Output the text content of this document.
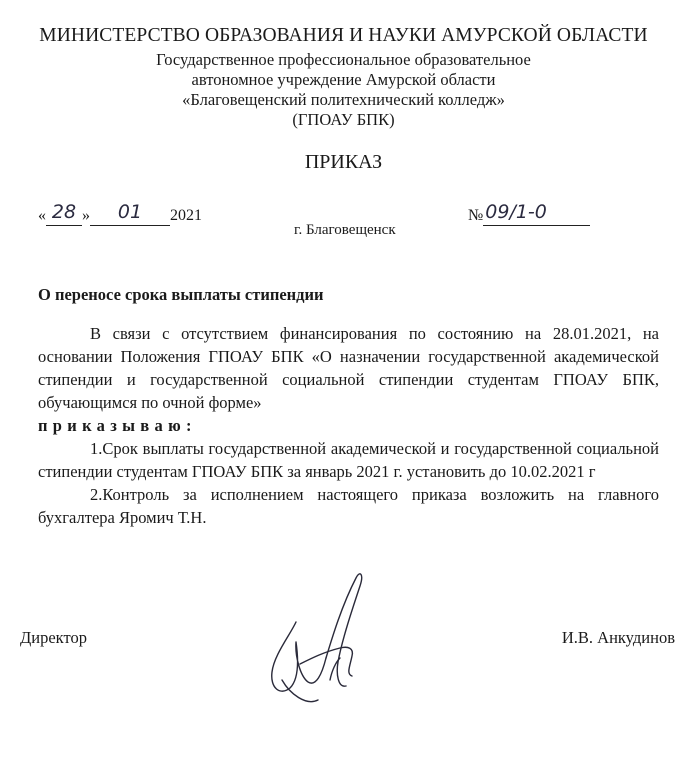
МИНИСТЕРСТВО ОБРАЗОВАНИЯ И НАУКИ АМУРСКОЙ ОБЛАСТИ
Государственное профессиональное образовательное
автономное учреждение Амурской области
«Благовещенский политехнический колледж»
(ГПОАУ БПК)
ПРИКАЗ
« 28 » 01 2021	№ 09/1-0
г. Благовещенск
О переносе срока выплаты стипендии

В связи с отсутствием финансирования по состоянию на 28.01.2021, на основании Положения ГПОАУ БПК «О назначении государственной академической стипендии и государственной социальной стипендии студентам ГПОАУ БПК, обучающимся по очной форме»

приказываю:

1.Срок выплаты государственной академической и государственной социальной стипендии студентам ГПОАУ БПК за январь 2021 г. установить до 10.02.2021 г

2.Контроль за исполнением настоящего приказа возложить на главного бухгалтера Яромич Т.Н.

Директор	И.В. Анкудинов
